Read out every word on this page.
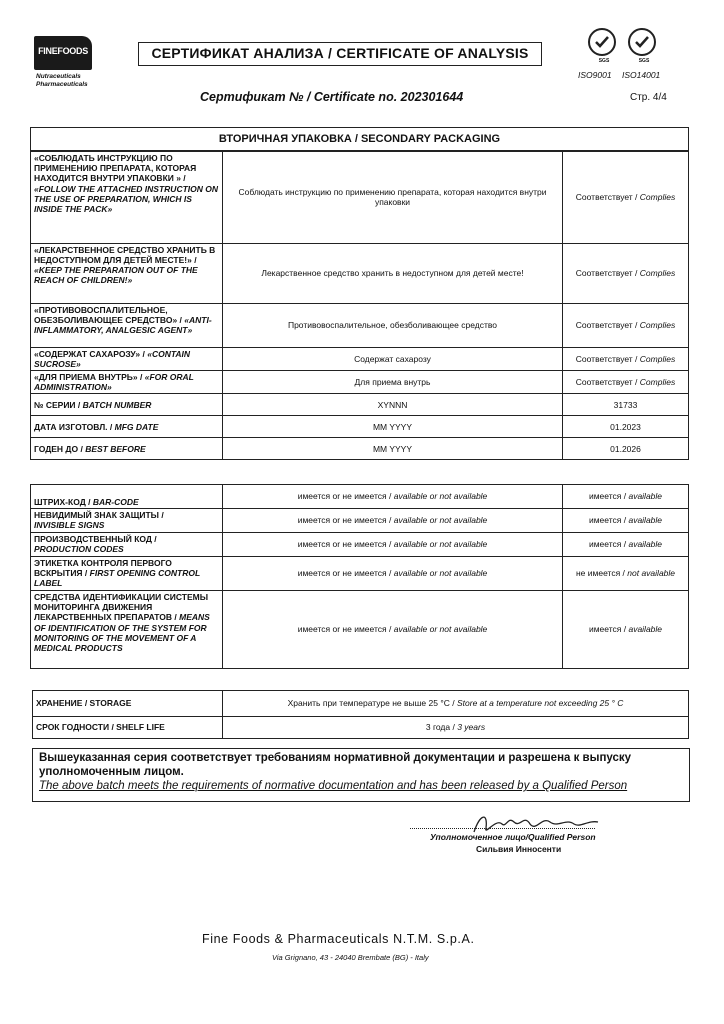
FINEFOODS
Nutraceuticals
Pharmaceuticals
СЕРТИФИКАТ АНАЛИЗА / CERTIFICATE OF ANALYSIS	SGS	SGS
ISO9001 ISO14001
Сертификат № / Certificate no. 202301644	Стр. 4/4
ВТОРИЧНАЯ УПАКОВКА / SECONDARY PACKAGING		
«СОБЛЮДАТЬ ИНСТРУКЦИЮ ПО ПРИМЕНЕНИЮ ПРЕПАРАТА, КОТОРАЯ НАХОДИТСЯ ВНУТРИ УПАКОВКИ » /
«FOLLOW THE ATTACHED INSTRUCTION ON THE USE OF PREPARATION, WHICH IS INSIDE THE PACK»	Соблюдать инструкцию по применению препарата, которая находится внутри упаковки	Соответствует / Complies
«ЛЕКАРСТВЕННОЕ СРЕДСТВО ХРАНИТЬ В НЕДОСТУПНОМ ДЛЯ ДЕТЕЙ МЕСТЕ!» / «KEEP THE PREPARATION OUT OF THE REACH OF CHILDREN!»	Лекарственное средство хранить в недоступном для детей месте!	Соответствует / Complies
«ПРОТИВОВОСПАЛИТЕЛЬНОЕ, ОБЕЗБОЛИВАЮЩЕЕ СРЕДСТВО» / «ANTI-INFLAMMATORY, ANALGESIC AGENT»	Противовоспалительное, обезболивающее средство	Соответствует / Complies
«СОДЕРЖАТ САХАРОЗУ» / «CONTAIN SUCROSE»	Содержат сахарозу	Соответствует / Complies
«ДЛЯ ПРИЕМА ВНУТРЬ» / «FOR ORAL ADMINISTRATION»	Для приема внутрь	Соответствует / Complies
№ СЕРИИ / BATCH NUMBER	XYNNN	31733
ДАТА ИЗГОТОВЛ. / MFG DATE	MM YYYY	01.2023
ГОДЕН ДО / BEST BEFORE	MM YYYY	01.2026
ШТРИХ-КОД / BAR-CODE	имеется or не имеется / available or not available	имеется / available
НЕВИДИМЫЙ ЗНАК ЗАЩИТЫ /
INVISIBLE SIGNS	имеется or не имеется / available or not available	имеется / available
ПРОИЗВОДСТВЕННЫЙ КОД /
PRODUCTION CODES	имеется or не имеется / available or not available	имеется / available
ЭТИКЕТКА КОНТРОЛЯ ПЕРВОГО ВСКРЫТИЯ / FIRST OPENING CONTROL LABEL	имеется or не имеется / available or not available	не имеется / not available
СРЕДСТВА ИДЕНТИФИКАЦИИ СИСТЕМЫ МОНИТОРИНГА ДВИЖЕНИЯ ЛЕКАРСТВЕННЫХ ПРЕПАРАТОВ / MEANS OF IDENTIFICATION OF THE SYSTEM FOR MONITORING OF THE MOVEMENT OF A MEDICAL PRODUCTS	имеется or не имеется / available or not available	имеется / available
ХРАНЕНИЕ / STORAGE	Хранить при температуре не выше 25 °С / Store at a temperature not exceeding 25 ° C
СРОК ГОДНОСТИ / SHELF LIFE	3 года / 3 years
Вышеуказанная серия соответствует требованиям нормативной документации и разрешена к выпуску уполномоченным лицом.
The above batch meets the requirements of normative documentation and has been released by a Qualified Person
Уполномоченное лицо/Qualified Person
Сильвия Инносенти
Fine Foods & Pharmaceuticals N.T.M. S.p.A.
Via Grignano, 43 - 24040 Brembate (BG) - Italy
